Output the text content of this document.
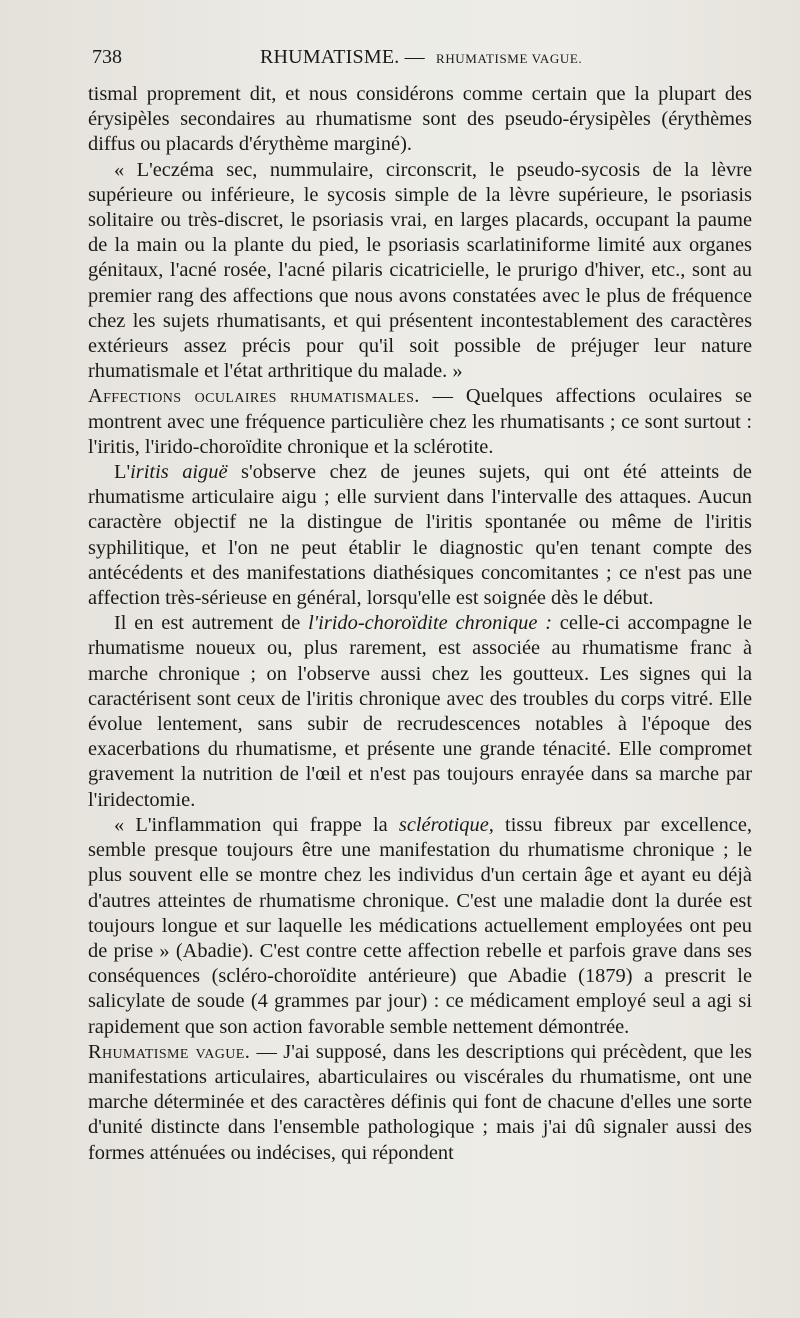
738	RHUMATISME. — RHUMATISME VAGUE.

tismal proprement dit, et nous considérons comme certain que la plupart des érysipèles secondaires au rhumatisme sont des pseudo-érysipèles (érythèmes diffus ou placards d'érythème marginé).

« L'eczéma sec, nummulaire, circonscrit, le pseudo-sycosis de la lèvre supérieure ou inférieure, le sycosis simple de la lèvre supérieure, le psoriasis solitaire ou très-discret, le psoriasis vrai, en larges placards, occupant la paume de la main ou la plante du pied, le psoriasis scarlatiniforme limité aux organes génitaux, l'acné rosée, l'acné pilaris cicatricielle, le prurigo d'hiver, etc., sont au premier rang des affections que nous avons constatées avec le plus de fréquence chez les sujets rhumatisants, et qui présentent incontestablement des caractères extérieurs assez précis pour qu'il soit possible de préjuger leur nature rhumatismale et l'état arthritique du malade. »

Affections oculaires rhumatismales. — Quelques affections oculaires se montrent avec une fréquence particulière chez les rhumatisants ; ce sont surtout : l'iritis, l'irido-choroïdite chronique et la sclérotite.

L'iritis aiguë s'observe chez de jeunes sujets, qui ont été atteints de rhumatisme articulaire aigu ; elle survient dans l'intervalle des attaques. Aucun caractère objectif ne la distingue de l'iritis spontanée ou même de l'iritis syphilitique, et l'on ne peut établir le diagnostic qu'en tenant compte des antécédents et des manifestations diathésiques concomitantes ; ce n'est pas une affection très-sérieuse en général, lorsqu'elle est soignée dès le début.

Il en est autrement de l'irido-choroïdite chronique : celle-ci accompagne le rhumatisme noueux ou, plus rarement, est associée au rhumatisme franc à marche chronique ; on l'observe aussi chez les goutteux. Les signes qui la caractérisent sont ceux de l'iritis chronique avec des troubles du corps vitré. Elle évolue lentement, sans subir de recrudescences notables à l'époque des exacerbations du rhumatisme, et présente une grande ténacité. Elle compromet gravement la nutrition de l'œil et n'est pas toujours enrayée dans sa marche par l'iridectomie.

« L'inflammation qui frappe la sclérotique, tissu fibreux par excellence, semble presque toujours être une manifestation du rhumatisme chronique ; le plus souvent elle se montre chez les individus d'un certain âge et ayant eu déjà d'autres atteintes de rhumatisme chronique. C'est une maladie dont la durée est toujours longue et sur laquelle les médications actuellement employées ont peu de prise » (Abadie). C'est contre cette affection rebelle et parfois grave dans ses conséquences (scléro-choroïdite antérieure) que Abadie (1879) a prescrit le salicylate de soude (4 grammes par jour) : ce médicament employé seul a agi si rapidement que son action favorable semble nettement démontrée.

Rhumatisme vague. — J'ai supposé, dans les descriptions qui précèdent, que les manifestations articulaires, abarticulaires ou viscérales du rhumatisme, ont une marche déterminée et des caractères définis qui font de chacune d'elles une sorte d'unité distincte dans l'ensemble pathologique ; mais j'ai dû signaler aussi des formes atténuées ou indécises, qui répondent
